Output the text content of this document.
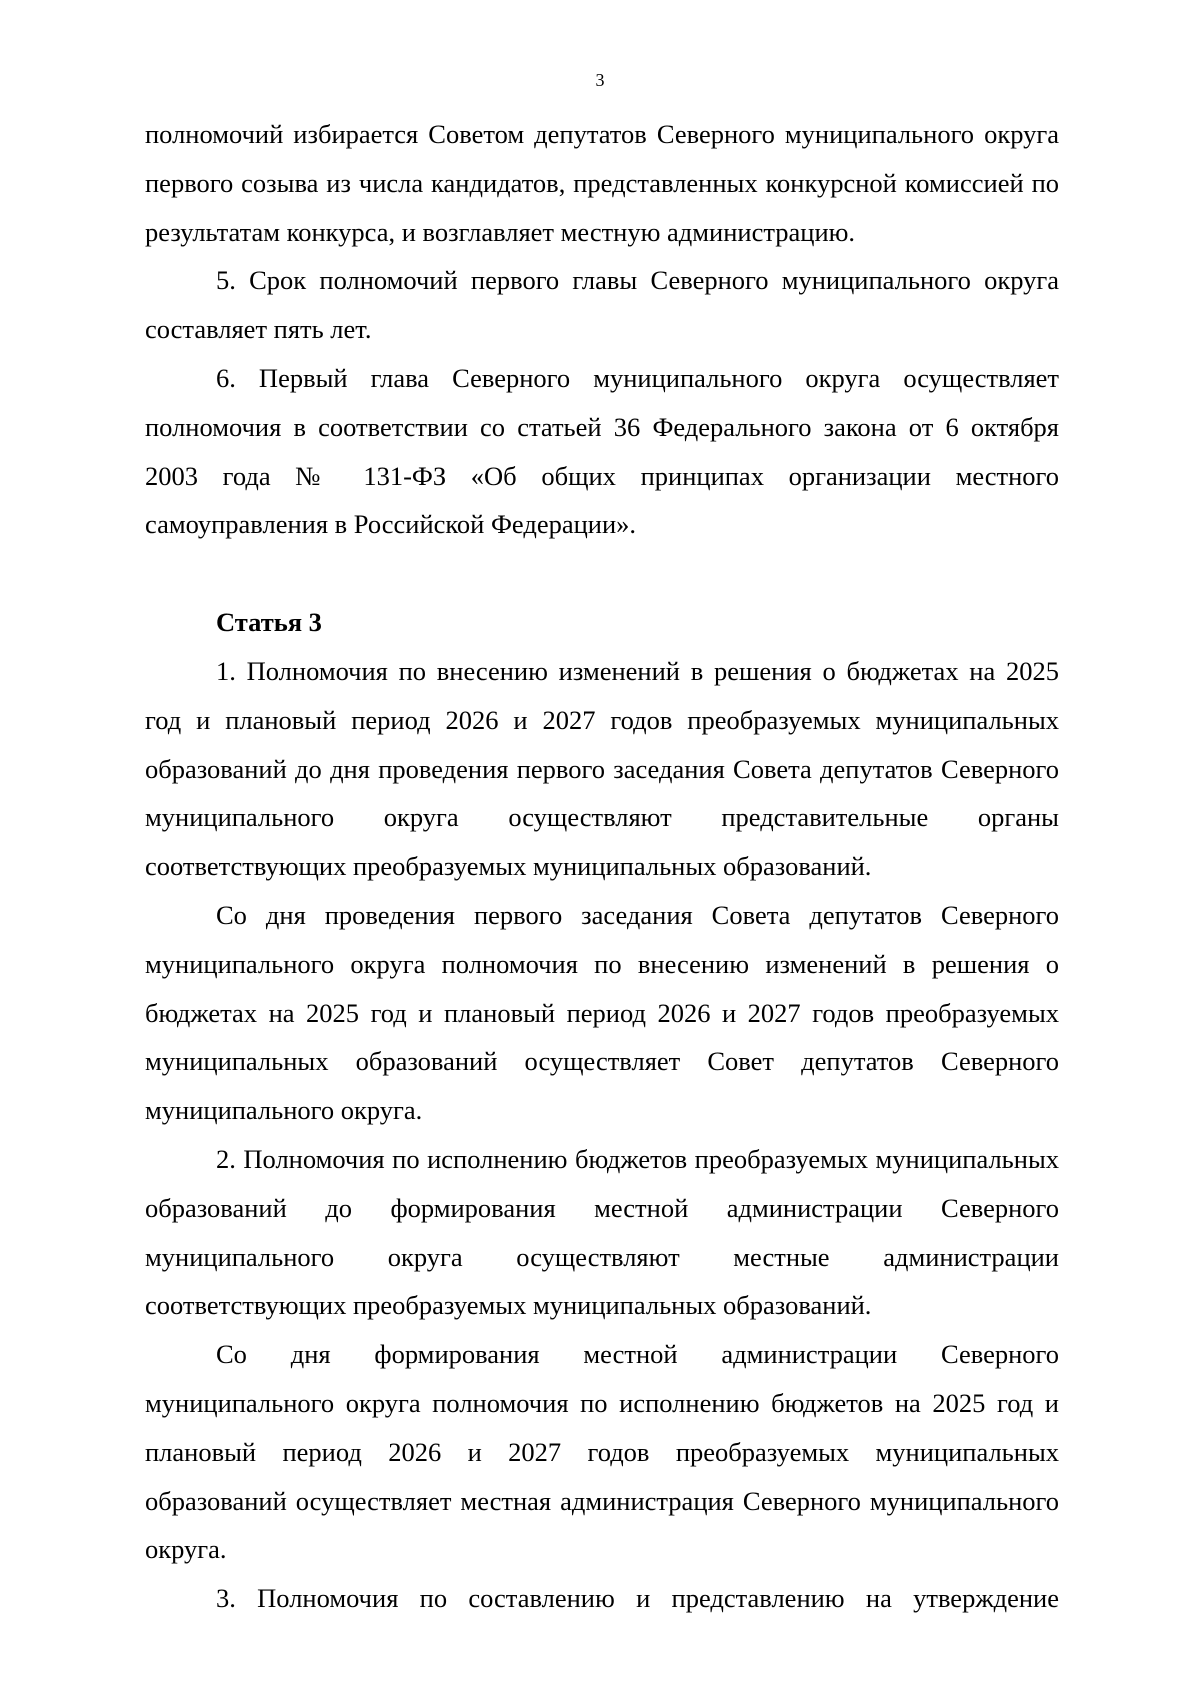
3

полномочий избирается Советом депутатов Северного муниципального округа первого созыва из числа кандидатов, представленных конкурсной комиссией по результатам конкурса, и возглавляет местную администрацию.

5. Срок полномочий первого главы Северного муниципального округа составляет пять лет.

6. Первый глава Северного муниципального округа осуществляет полномочия в соответствии со статьей 36 Федерального закона от 6 октября 2003 года № 131-ФЗ «Об общих принципах организации местного самоуправления в Российской Федерации».

Статья 3

1. Полномочия по внесению изменений в решения о бюджетах на 2025 год и плановый период 2026 и 2027 годов преобразуемых муниципальных образований до дня проведения первого заседания Совета депутатов Северного муниципального округа осуществляют представительные органы соответствующих преобразуемых муниципальных образований.

Со дня проведения первого заседания Совета депутатов Северного муниципального округа полномочия по внесению изменений в решения о бюджетах на 2025 год и плановый период 2026 и 2027 годов преобразуемых муниципальных образований осуществляет Совет депутатов Северного муниципального округа.

2. Полномочия по исполнению бюджетов преобразуемых муниципальных образований до формирования местной администрации Северного муниципального округа осуществляют местные администрации соответствующих преобразуемых муниципальных образований.

Со дня формирования местной администрации Северного муниципального округа полномочия по исполнению бюджетов на 2025 год и плановый период 2026 и 2027 годов преобразуемых муниципальных образований осуществляет местная администрация Северного муниципального округа.

3. Полномочия по составлению и представлению на утверждение
